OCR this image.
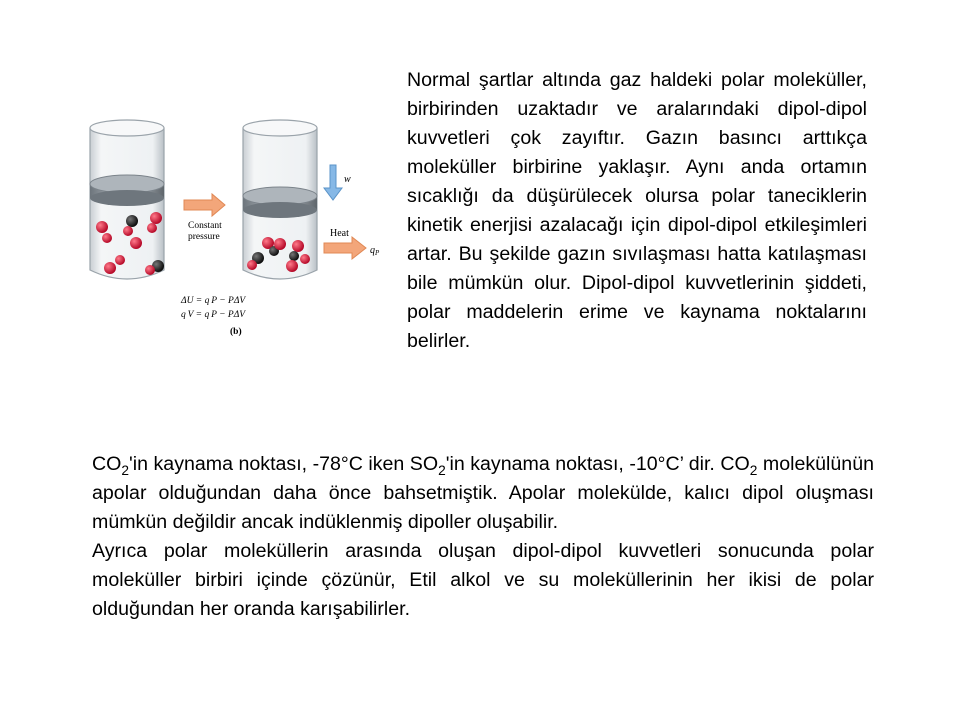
Constant
pressure
w
Heat
$q_P$
ΔU = q P − PΔV
q V = q P − PΔV
(b)

Normal şartlar altında gaz haldeki polar moleküller, birbirinden uzaktadır ve aralarındaki dipol-dipol kuvvetleri çok zayıftır. Gazın basıncı arttıkça moleküller birbirine yaklaşır. Aynı anda ortamın sıcaklığı da düşürülecek olursa polar taneciklerin kinetik enerjisi azalacağı için dipol-dipol etkileşimleri artar. Bu şekilde gazın sıvılaşması hatta katılaşması bile mümkün olur. Dipol-dipol kuvvetlerinin şiddeti, polar maddelerin erime ve kaynama noktalarını belirler.

$CO_2'in$ kaynama noktası, -78°C iken $SO_2'in$ kaynama noktası, -10°C’ dir. $CO_2$ molekülünün apolar olduğundan daha önce bahsetmiştik. Apolar molekülde, kalıcı dipol oluşması mümkün değildir ancak indüklenmiş dipoller oluşabilir.

Ayrıca polar moleküllerin arasında oluşan dipol-dipol kuvvetleri sonucunda polar moleküller birbiri içinde çözünür, Etil alkol ve su moleküllerinin her ikisi de polar olduğundan her oranda karışabilirler.
